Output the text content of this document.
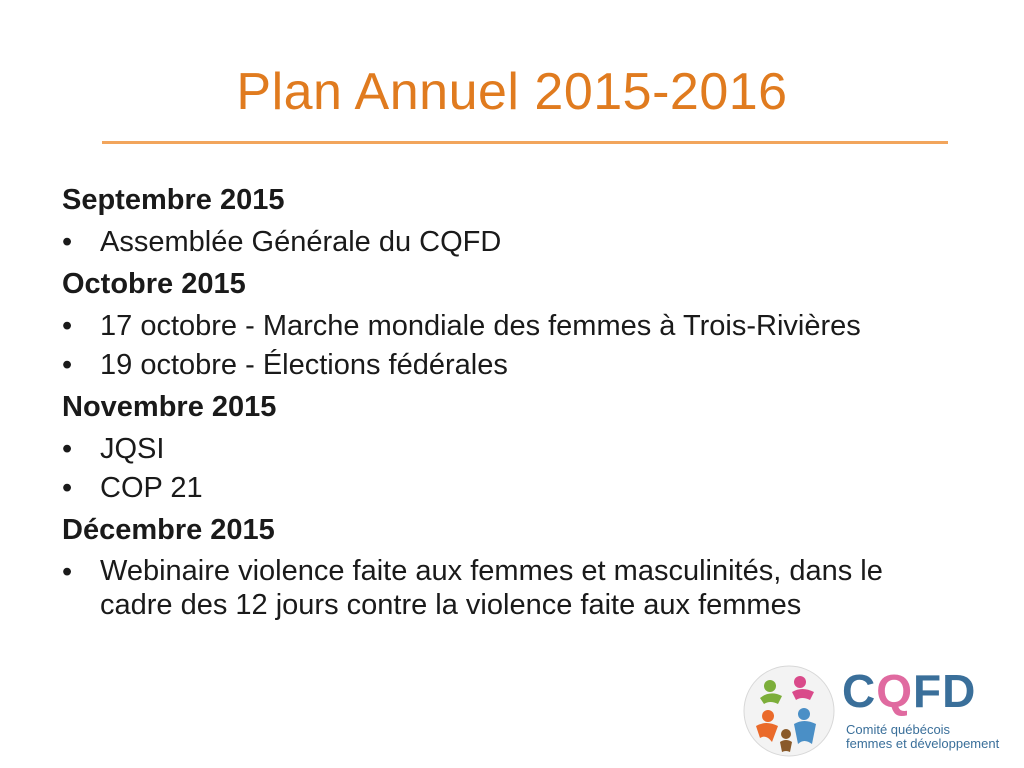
Plan Annuel 2015-2016
Septembre 2015
• Assemblée Générale du CQFD
Octobre 2015
• 17 octobre - Marche mondiale des femmes à Trois-Rivières
• 19 octobre - Élections fédérales
Novembre 2015
• JQSI
• COP 21
Décembre 2015
• Webinaire violence faite aux femmes et masculinités, dans le cadre des 12 jours contre la violence faite aux femmes
CQFD
Comité québécois
femmes et développement
